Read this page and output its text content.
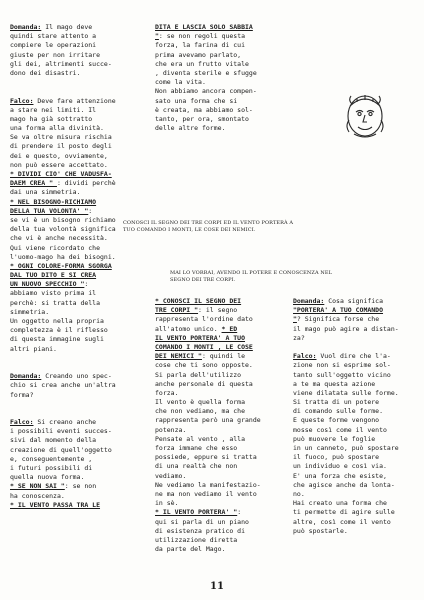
Domanda: Il mago deve
quindi stare attento a
compiere le operazioni
giuste per non irritare
gli dei, altrimenti succe-
dono dei disastri.
Falco: Deve fare attenzione
a stare nei limiti. Il
mago ha già sottratto
una forma alla divinità.
Se va oltre misura rischia
di prendere il posto degli
dei e questo, ovviamente,
non può essere accettato.
* DIVIDI CIO' CHE VADUSFA-
DAEM CREA " : dividi perchè
dai una simmetria.
* NEL BISOGNO-RICHIAMO
DELLA TUA VOLONTA' ":
se vi è un bisogno richiamo
della tua volontà significa
che vi è anche necessità.
Qui viene ricordato che
l'uomo-mago ha dei bisogni.
* OGNI COLORE-FORMA SGORGA
DAL TUO DITO E SI CREA
UN NUOVO SPECCHIO ":
abbiamo visto prima il
perchè: si tratta della
simmetria.
Un oggetto nella propria
completezza è il riflesso
di questa immagine sugli
altri piani.
Domanda: Creando uno spec-
chio si crea anche un'altra
forma?
Falco: Si creano anche
i possibili eventi succes-
sivi dal momento della
creazione di quell'oggetto
e, conseguentemente ,
i futuri possibili di
quella nuova forma.
* SE NON SAI ": se non
ha conoscenza.
* IL VENTO PASSA TRA LE
DITA E LASCIA SOLO SABBIA
": se non regoli questa
forza, la farina di cui
prima avevamo parlato,
che era un frutto vitale
, diventa sterile e sfugge
come la vita.
Non abbiamo ancora compen-
sato una forma che si
è creata, ma abbiamo sol-
tanto, per ora, smontato
delle altre forme.
CONOSCI IL SEGNO DEI TRE CORPI ED IL VENTO PORTERÀ A
TUO COMANDO I MONTI, LE COSE DEI NEMICI.
MAI LO VORRAI, AVENDO IL POTERE E CONOSCENZA NEL
SEGNO DEI TRE CORPI.
* CONOSCI IL SEGNO DEI
TRE CORPI ": il segno
rappresenta l'ordine dato
all'atomo unico. * ED
IL VENTO PORTERA' A TUO
COMANDO I MONTI , LE COSE
DEI NEMICI ": quindi le
cose che ti sono opposte.
Si parla dell'utilizzo
anche personale di questa
forza.
Il vento è quella forma
che non vediamo, ma che
rappresenta però una grande
potenza.
Pensate al vento , alla
forza immane che esso
possiede, eppure si tratta
di una realtà che non
vediamo.
Ne vediamo la manifestazio-
ne ma non vediamo il vento
in sè.
* IL VENTO PORTERA' ":
qui si parla di un piano
di esistenza pratico di
utilizzazione diretta
da parte del Mago.
Domanda: Cosa significa
"PORTERA' A TUO COMANDO
"? Significa forse che
il mago può agire a distan-
za?
Falco: Vuol dire che l'a-
zione non si esprime sol-
tanto sull'oggetto vicino
a te ma questa azione
viene dilatata sulle forme.
Si tratta di un potere
di comando sulle forme.
E queste forme vengono
mosse così come il vento
può muovere le foglie
in un canneto, può spostare
il fuoco, può spostare
un individuo e così via.
E' una forza che esiste,
che agisce anche da lonta-
no.
Hai creato una forma che
ti permette di agire sulle
altre, così come il vento
può spostarle.
11
